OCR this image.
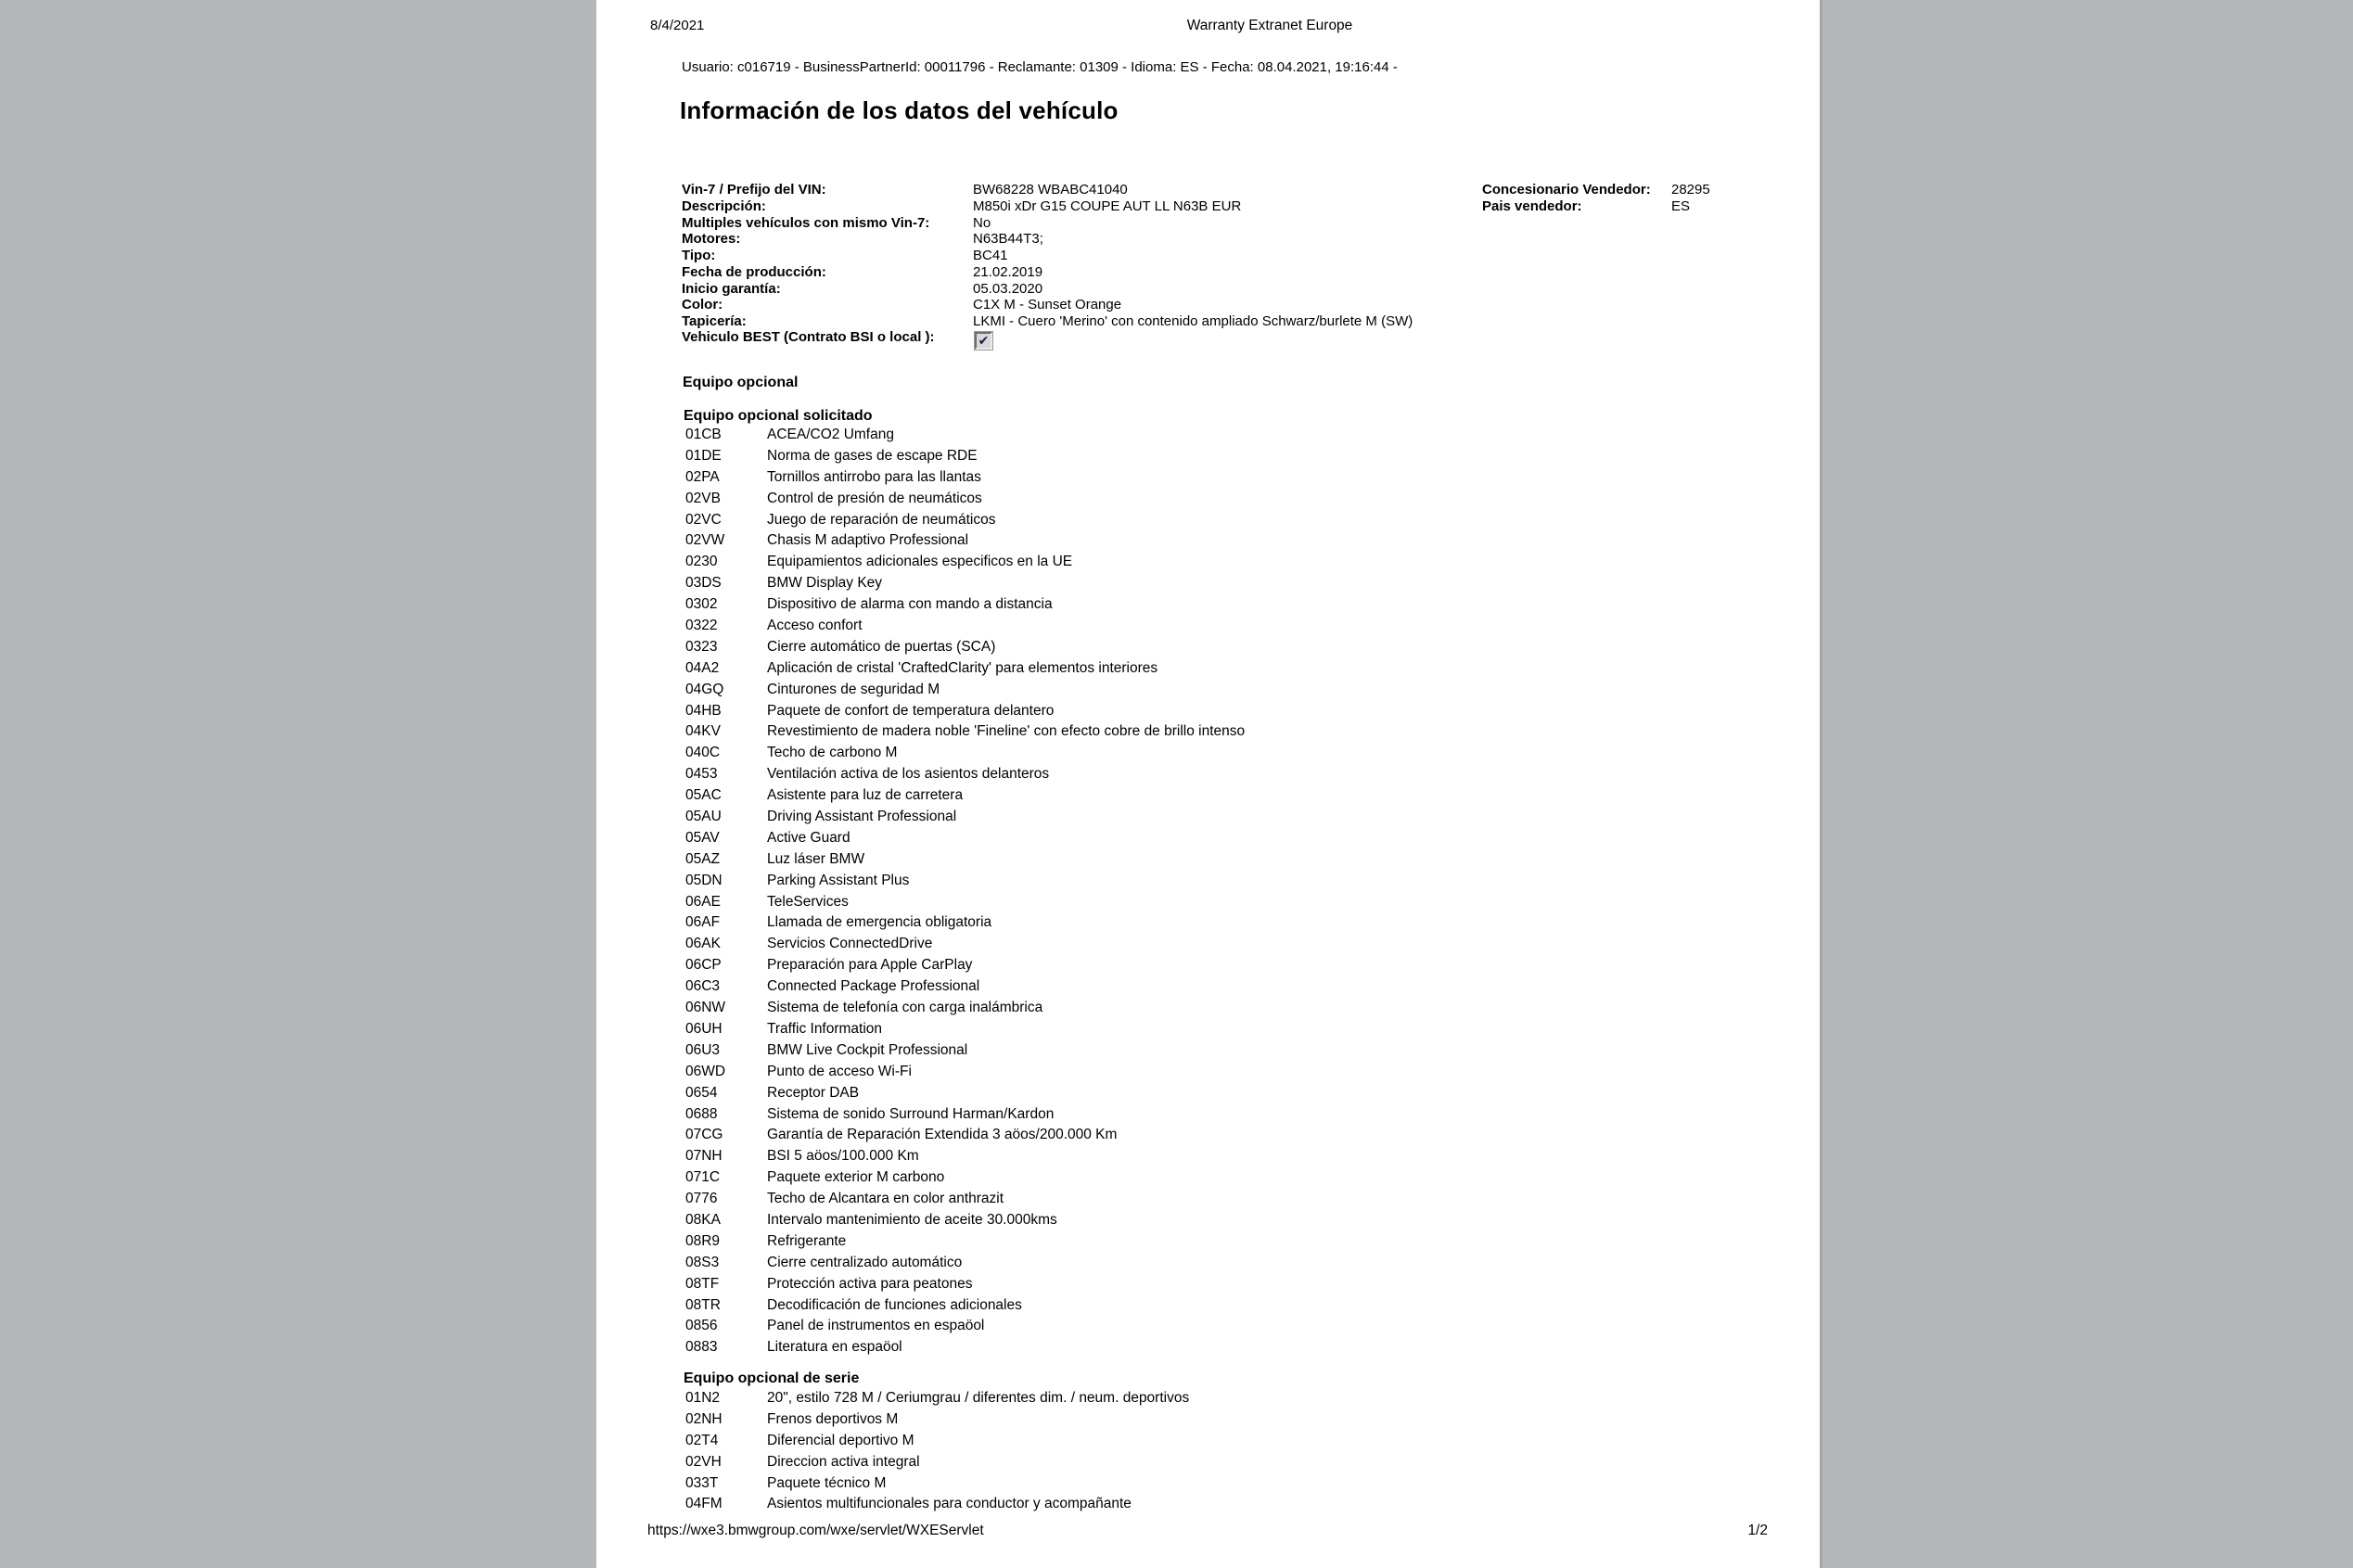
8/4/2021	Warranty Extranet Europe
Usuario: c016719 - BusinessPartnerId: 00011796 - Reclamante: 01309 - Idioma: ES - Fecha: 08.04.2021, 19:16:44 -
Información de los datos del vehículo
Vin-7 / Prefijo del VIN:	BW68228 WBABC41040
Descripción:	M850i xDr G15 COUPE AUT LL N63B EUR
Multiples vehículos con mismo Vin-7:	No
Motores:	N63B44T3;
Tipo:	BC41
Fecha de producción:	21.02.2019
Inicio garantía:	05.03.2020
Color:	C1X M - Sunset Orange
Tapicería:	LKMI - Cuero 'Merino' con contenido ampliado Schwarz/burlete M (SW)
Vehiculo BEST (Contrato BSI o local ):	✔
Concesionario Vendedor: 28295
Pais vendedor:	ES
Equipo opcional
Equipo opcional solicitado
01CB	ACEA/CO2 Umfang
01DE	Norma de gases de escape RDE
02PA	Tornillos antirrobo para las llantas
02VB	Control de presión de neumáticos
02VC	Juego de reparación de neumáticos
02VW	Chasis M adaptivo Professional
0230	Equipamientos adicionales especificos en la UE
03DS	BMW Display Key
0302	Dispositivo de alarma con mando a distancia
0322	Acceso confort
0323	Cierre automático de puertas (SCA)
04A2	Aplicación de cristal 'CraftedClarity' para elementos interiores
04GQ	Cinturones de seguridad M
04HB	Paquete de confort de temperatura delantero
04KV	Revestimiento de madera noble 'Fineline' con efecto cobre de brillo intenso
040C	Techo de carbono M
0453	Ventilación activa de los asientos delanteros
05AC	Asistente para luz de carretera
05AU	Driving Assistant Professional
05AV	Active Guard
05AZ	Luz láser BMW
05DN	Parking Assistant Plus
06AE	TeleServices
06AF	Llamada de emergencia obligatoria
06AK	Servicios ConnectedDrive
06CP	Preparación para Apple CarPlay
06C3	Connected Package Professional
06NW	Sistema de telefonía con carga inalámbrica
06UH	Traffic Information
06U3	BMW Live Cockpit Professional
06WD	Punto de acceso Wi-Fi
0654	Receptor DAB
0688	Sistema de sonido Surround Harman/Kardon
07CG	Garantía de Reparación Extendida 3 aöos/200.000 Km
07NH	BSI 5 aöos/100.000 Km
071C	Paquete exterior M carbono
0776	Techo de Alcantara en color anthrazit
08KA	Intervalo mantenimiento de aceite 30.000kms
08R9	Refrigerante
08S3	Cierre centralizado automático
08TF	Protección activa para peatones
08TR	Decodificación de funciones adicionales
0856	Panel de instrumentos en espaöol
0883	Literatura en espaöol
Equipo opcional de serie
01N2	20", estilo 728 M / Ceriumgrau / diferentes dim. / neum. deportivos
02NH	Frenos deportivos M
02T4	Diferencial deportivo M
02VH	Direccion activa integral
033T	Paquete técnico M
04FM	Asientos multifuncionales para conductor y acompañante
https://wxe3.bmwgroup.com/wxe/servlet/WXEServlet	1/2
